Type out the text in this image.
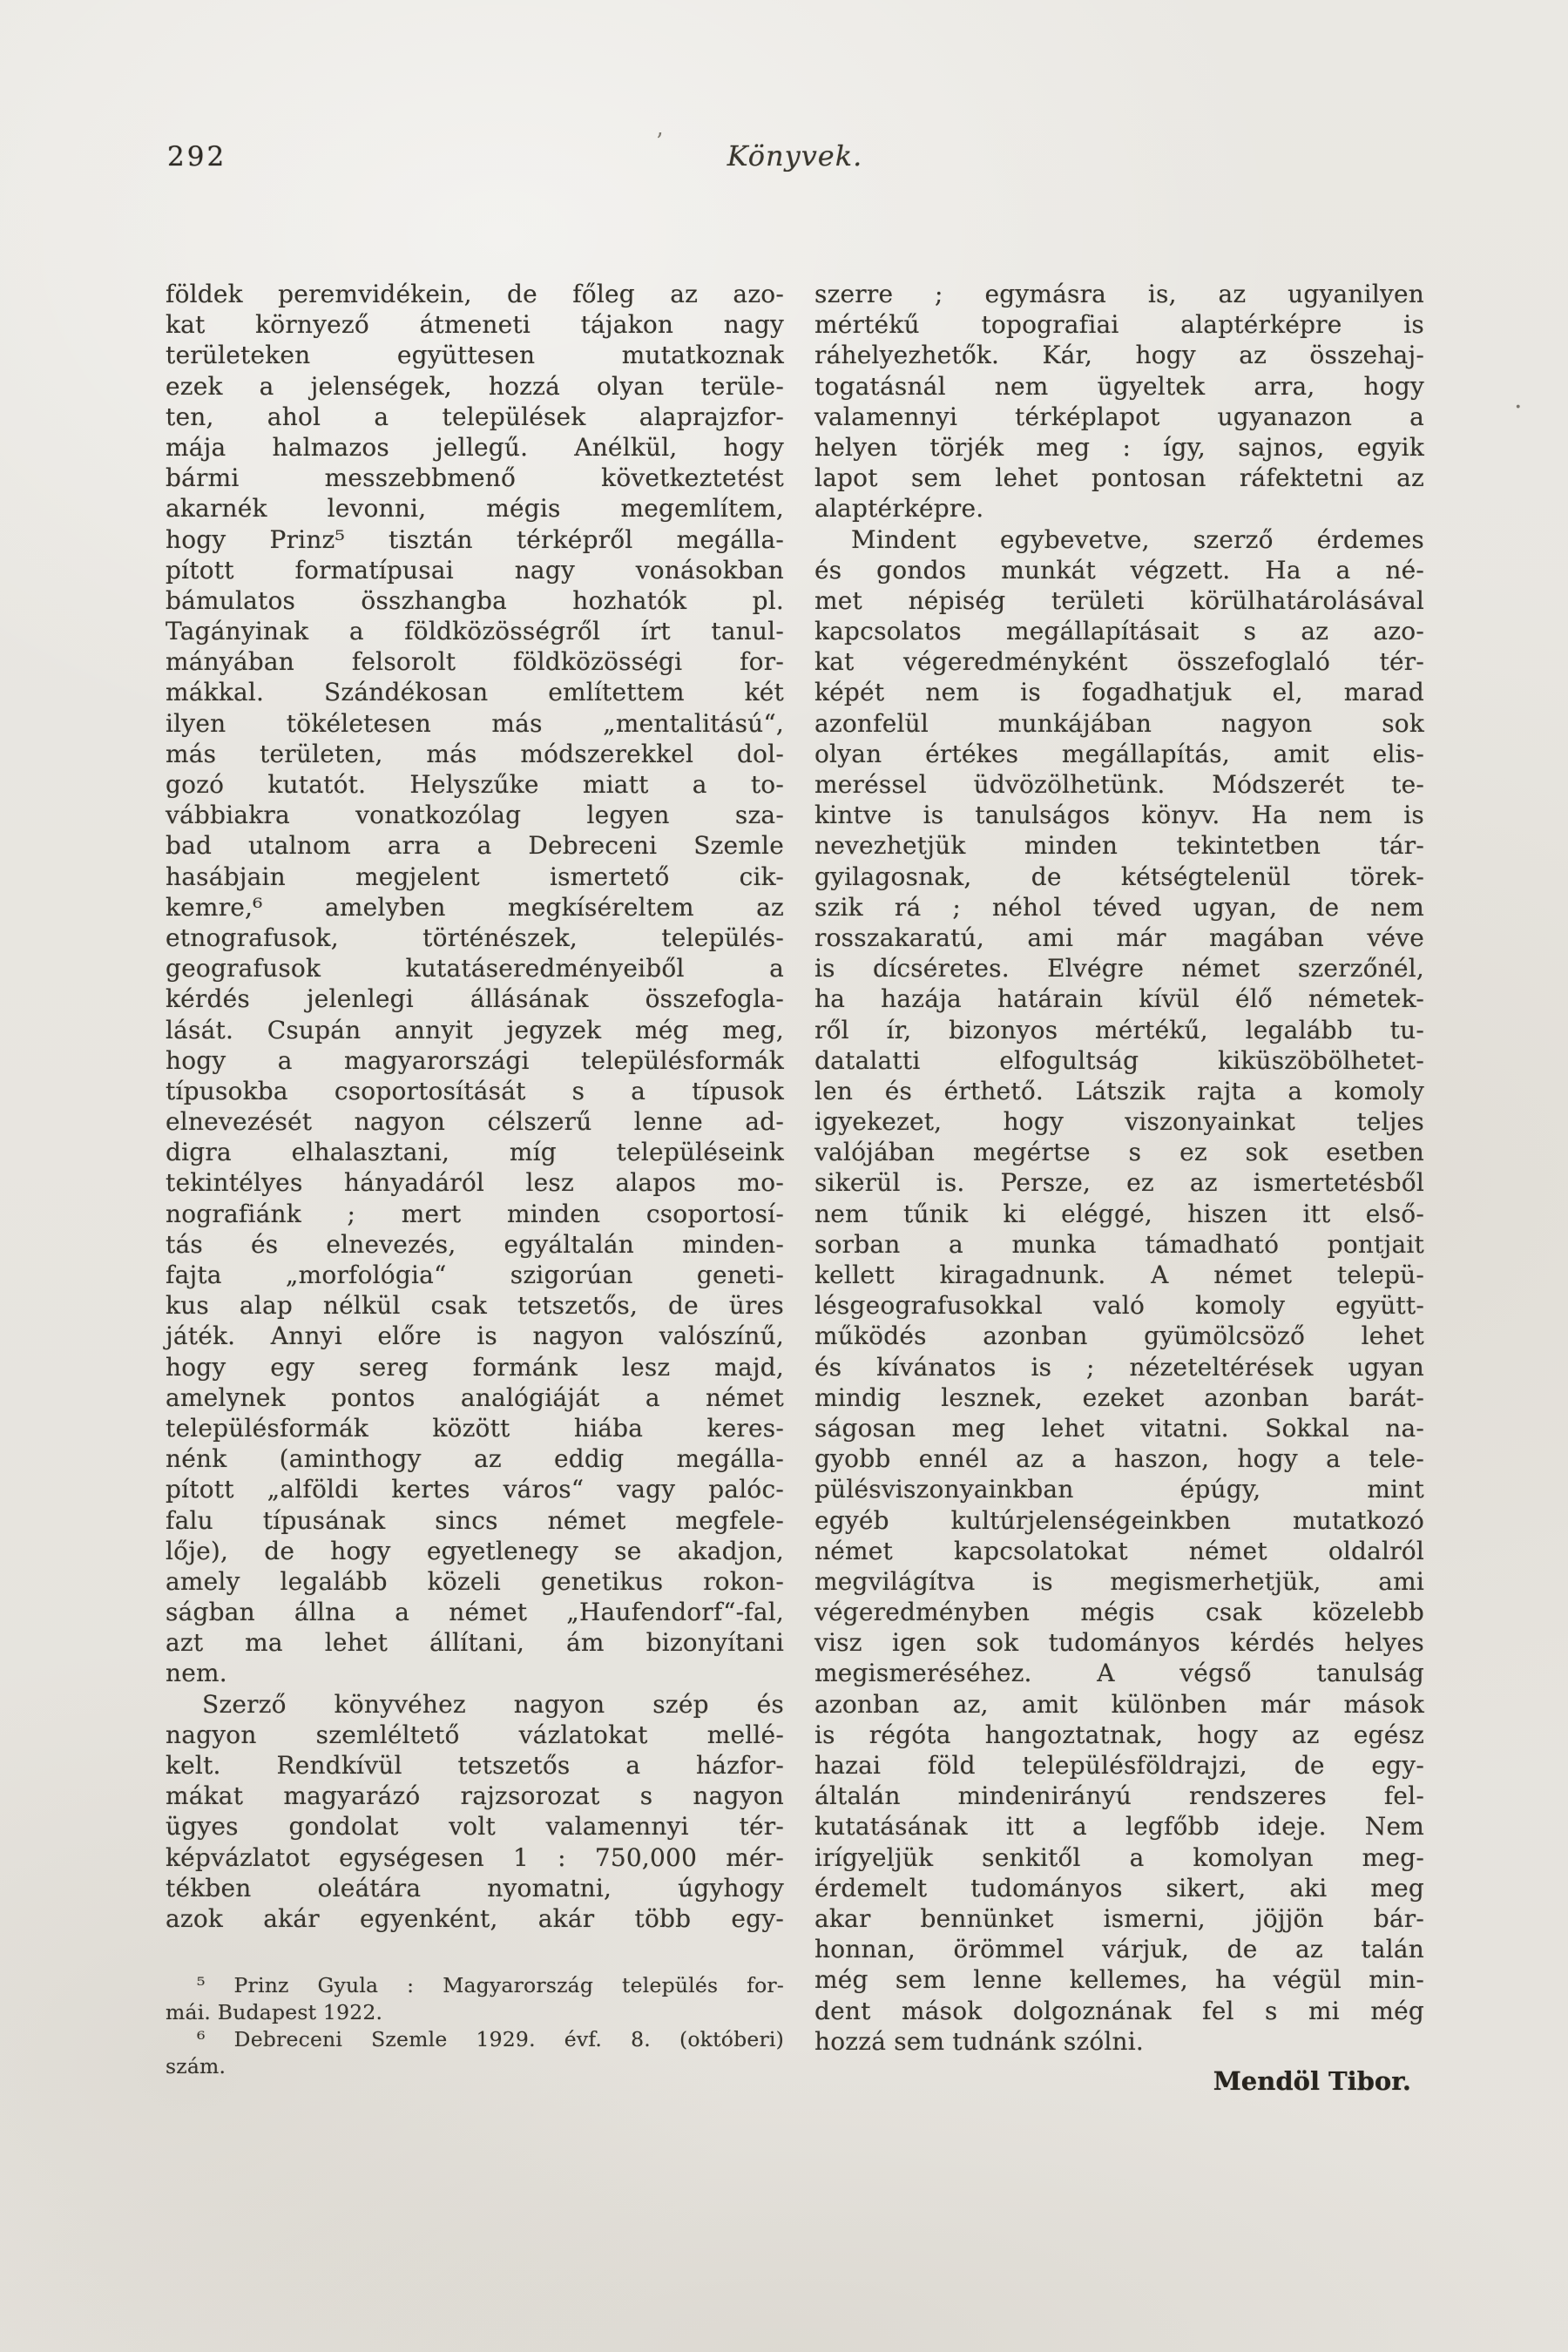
292	Könyvek.
’
·
földek peremvidékein, de főleg az azo-
kat környező átmeneti tájakon nagy
területeken együttesen mutatkoznak
ezek a jelenségek, hozzá olyan terüle-
ten, ahol a települések alaprajzfor-
mája halmazos jellegű. Anélkül, hogy
bármi messzebbmenő következtetést
akarnék levonni, mégis megemlítem,
hogy Prinz⁵ tisztán térképről megálla-
pított formatípusai nagy vonásokban
bámulatos összhangba hozhatók pl.
Tagányinak a földközösségről írt tanul-
mányában felsorolt földközösségi for-
mákkal. Szándékosan említettem két
ilyen tökéletesen más „mentalitású“,
más területen, más módszerekkel dol-
gozó kutatót. Helyszűke miatt a to-
vábbiakra vonatkozólag legyen sza-
bad utalnom arra a Debreceni Szemle
hasábjain megjelent ismertető cik-
kemre,⁶ amelyben megkíséreltem az
etnografusok, történészek, település-
geografusok kutatáseredményeiből a
kérdés jelenlegi állásának összefogla-
lását. Csupán annyit jegyzek még meg,
hogy a magyarországi településformák
típusokba csoportosítását s a típusok
elnevezését nagyon célszerű lenne ad-
digra elhalasztani, míg településeink
tekintélyes hányadáról lesz alapos mo-
nografiánk ; mert minden csoportosí-
tás és elnevezés, egyáltalán minden-
fajta „morfológia“ szigorúan geneti-
kus alap nélkül csak tetszetős, de üres
játék. Annyi előre is nagyon valószínű,
hogy egy sereg formánk lesz majd,
amelynek pontos analógiáját a német
településformák között hiába keres-
nénk (aminthogy az eddig megálla-
pított „alföldi kertes város“ vagy palóc-
falu típusának sincs német megfele-
lője), de hogy egyetlenegy se akadjon,
amely legalább közeli genetikus rokon-
ságban állna a német „Haufendorf“-fal,
azt ma lehet állítani, ám bizonyítani
nem.
Szerző könyvéhez nagyon szép és
nagyon szemléltető vázlatokat mellé-
kelt. Rendkívül tetszetős a házfor-
mákat magyarázó rajzsorozat s nagyon
ügyes gondolat volt valamennyi tér-
képvázlatot egységesen 1 : 750,000 mér-
tékben oleátára nyomatni, úgyhogy
azok akár egyenként, akár több egy-
⁵ Prinz Gyula : Magyarország település for-
mái. Budapest 1922.
⁶ Debreceni Szemle 1929. évf. 8. (októberi)
szám.
szerre ; egymásra is, az ugyanilyen
mértékű topografiai alaptérképre is
ráhelyezhetők. Kár, hogy az összehaj-
togatásnál nem ügyeltek arra, hogy
valamennyi térképlapot ugyanazon a
helyen törjék meg : így, sajnos, egyik
lapot sem lehet pontosan ráfektetni az
alaptérképre.
Mindent egybevetve, szerző érdemes
és gondos munkát végzett. Ha a né-
met népiség területi körülhatárolásával
kapcsolatos megállapításait s az azo-
kat végeredményként összefoglaló tér-
képét nem is fogadhatjuk el, marad
azonfelül munkájában nagyon sok
olyan értékes megállapítás, amit elis-
meréssel üdvözölhetünk. Módszerét te-
kintve is tanulságos könyv. Ha nem is
nevezhetjük minden tekintetben tár-
gyilagosnak, de kétségtelenül törek-
szik rá ; néhol téved ugyan, de nem
rosszakaratú, ami már magában véve
is dícséretes. Elvégre német szerzőnél,
ha hazája határain kívül élő németek-
ről ír, bizonyos mértékű, legalább tu-
datalatti elfogultság kiküszöbölhetet-
len és érthető. Látszik rajta a komoly
igyekezet, hogy viszonyainkat teljes
valójában megértse s ez sok esetben
sikerül is. Persze, ez az ismertetésből
nem tűnik ki eléggé, hiszen itt első-
sorban a munka támadható pontjait
kellett kiragadnunk. A német telepü-
lésgeografusokkal való komoly együtt-
működés azonban gyümölcsöző lehet
és kívánatos is ; nézeteltérések ugyan
mindig lesznek, ezeket azonban barát-
ságosan meg lehet vitatni. Sokkal na-
gyobb ennél az a haszon, hogy a tele-
pülésviszonyainkban épúgy, mint
egyéb kultúrjelenségeinkben mutatkozó
német kapcsolatokat német oldalról
megvilágítva is megismerhetjük, ami
végeredményben mégis csak közelebb
visz igen sok tudományos kérdés helyes
megismeréséhez. A végső tanulság
azonban az, amit különben már mások
is régóta hangoztatnak, hogy az egész
hazai föld településföldrajzi, de egy-
általán mindenirányú rendszeres fel-
kutatásának itt a legfőbb ideje. Nem
irígyeljük senkitől a komolyan meg-
érdemelt tudományos sikert, aki meg
akar bennünket ismerni, jöjjön bár-
honnan, örömmel várjuk, de az talán
még sem lenne kellemes, ha végül min-
dent mások dolgoznának fel s mi még
hozzá sem tudnánk szólni.
Mendöl Tibor.
